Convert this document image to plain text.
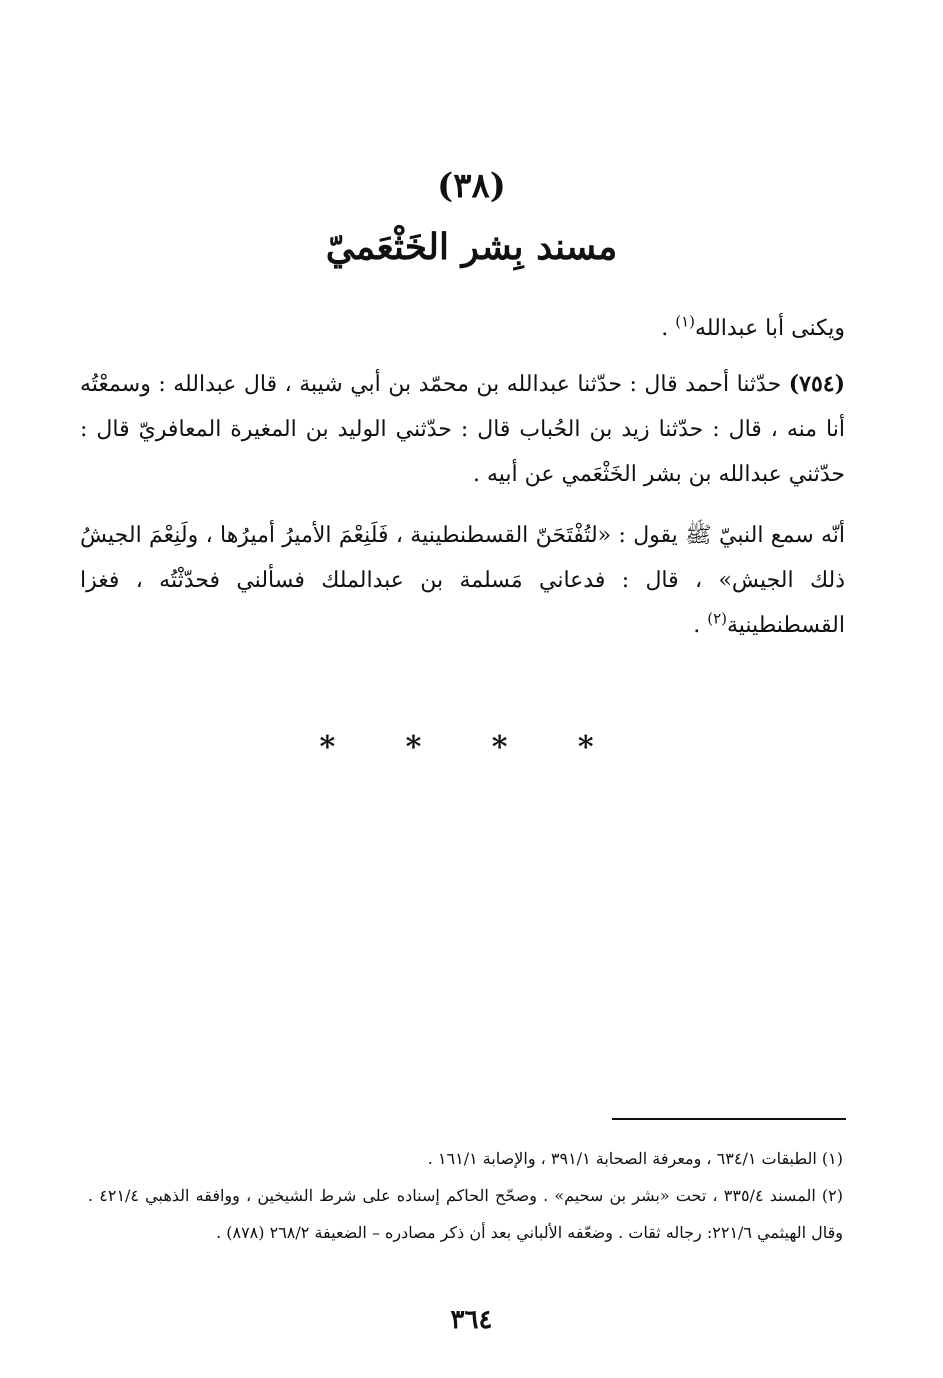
(٣٨)
مسند بِشر الخَثْعَميّ

ويكنى أبا عبدالله$^{(١)}$ .

(٧٥٤) حدّثنا أحمد قال : حدّثنا عبدالله بن محمّد بن أبي شيبة ، قال عبدالله : وسمعْتُه أنا منه ، قال : حدّثنا زيد بن الحُباب قال : حدّثني الوليد بن المغيرة المعافريّ قال : حدّثني عبدالله بن بشر الخَثْعَمي عن أبيه .

أنّه سمع النبيّ ﷺ يقول : «لتُفْتَحَنّ القسطنطينية ، فَلَنِعْمَ الأميرُ أميرُها ، ولَنِعْمَ الجيشُ ذلك الجيش» ، قال : فدعاني مَسلمة بن عبدالملك فسألني فحدّثْتُه ، فغزا القسطنطينية$^{(٢)}$ .

* * * *

(١) الطبقات ٦٣٤/١ ، ومعرفة الصحابة ٣٩١/١ ، والإصابة ١٦١/١ .

(٢) المسند ٣٣٥/٤ ، تحت «بشر بن سحيم» . وصحّح الحاكم إسناده على شرط الشيخين ، ووافقه الذهبي ٤٢١/٤ . وقال الهيثمي ٢٢١/٦: رجاله ثقات . وضعّفه الألباني بعد أن ذكر مصادره – الضعيفة ٢٦٨/٢ (٨٧٨) .

٣٦٤
